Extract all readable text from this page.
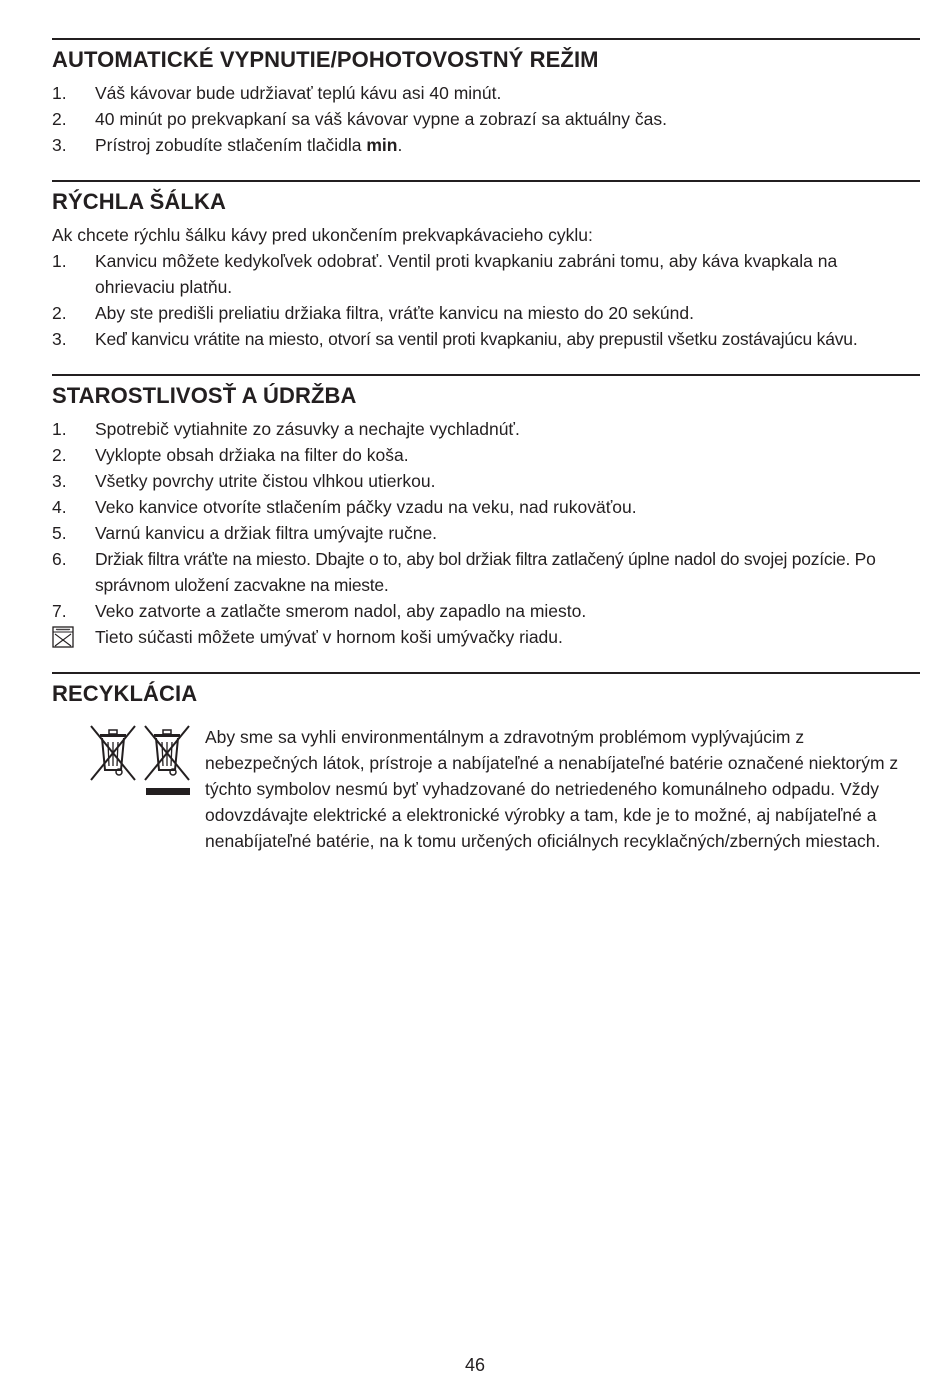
AUTOMATICKÉ VYPNUTIE/POHOTOVOSTNÝ REŽIM
1.	Váš kávovar bude udržiavať teplú kávu asi 40 minút.
2.	40 minút po prekvapkaní sa váš kávovar vypne a zobrazí sa aktuálny čas.
3.	Prístroj zobudíte stlačením tlačidla min.
RÝCHLA ŠÁLKA
Ak chcete rýchlu šálku kávy pred ukončením prekvapkávacieho cyklu:
1.	Kanvicu môžete kedykoľvek odobrať. Ventil proti kvapkaniu zabráni tomu, aby káva kvapkala na ohrievaciu platňu.
2.	Aby ste predišli preliatiu držiaka filtra, vráťte kanvicu na miesto do 20 sekúnd.
3.	Keď kanvicu vrátite na miesto, otvorí sa ventil proti kvapkaniu, aby prepustil všetku zostávajúcu kávu.
STAROSTLIVOSŤ A ÚDRŽBA
1.	Spotrebič vytiahnite zo zásuvky a nechajte vychladnúť.
2.	Vyklopte obsah držiaka na filter do koša.
3.	Všetky povrchy utrite čistou vlhkou utierkou.
4.	Veko kanvice otvoríte stlačením páčky vzadu na veku, nad rukoväťou.
5.	Varnú kanvicu a držiak filtra umývajte ručne.
6.	Držiak filtra vráťte na miesto. Dbajte o to, aby bol držiak filtra zatlačený úplne nadol do svojej pozície. Po správnom uložení zacvakne na mieste.
7.	Veko zatvorte a zatlačte smerom nadol, aby zapadlo na miesto.
Tieto súčasti môžete umývať v hornom koši umývačky riadu.
RECYKLÁCIA
Aby sme sa vyhli environmentálnym a zdravotným problémom vyplývajúcim z nebezpečných látok, prístroje a nabíjateľné a nenabíjateľné batérie označené niektorým z týchto symbolov nesmú byť vyhadzované do netriedeného komunálneho odpadu. Vždy odovzdávajte elektrické a elektronické výrobky a tam, kde je to možné, aj nabíjateľné a nenabíjateľné batérie, na k tomu určených oficiálnych recyklačných/zberných miestach.
46
